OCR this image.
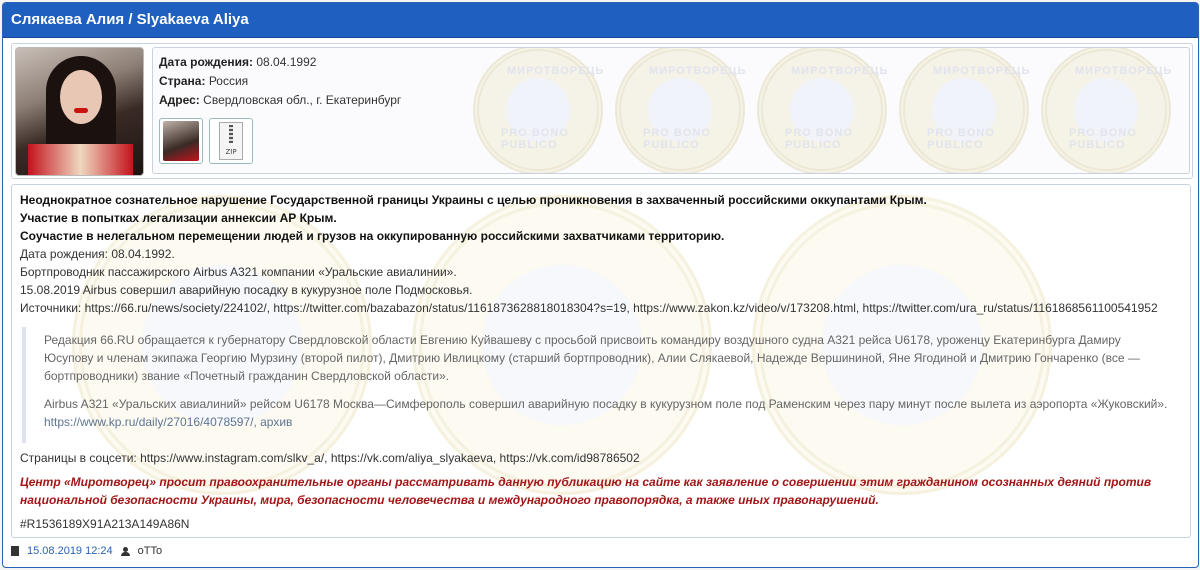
Слякаева Алия / Slyakaeva Aliya
МИРОТВОРЕЦЬ
PRO BONO PUBLICO
МИРОТВОРЕЦЬ
PRO BONO PUBLICO
МИРОТВОРЕЦЬ
PRO BONO PUBLICO
МИРОТВОРЕЦЬ
PRO BONO PUBLICO
МИРОТВОРЕЦЬ
PRO BONO PUBLICO
Дата рождения: 08.04.1992
Страна: Россия
Адрес: Свердловская обл., г. Екатеринбург
ZIP
Неоднократное сознательное нарушение Государственной границы Украины с целью проникновения в захваченный российскими оккупантами Крым.
Участие в попытках легализации аннексии АР Крым.
Соучастие в нелегальном перемещении людей и грузов на оккупированную российскими захватчиками территорию.
Дата рождения: 08.04.1992.
Бортпроводник пассажирского Airbus A321 компании «Уральские авиалинии».
15.08.2019 Airbus совершил аварийную посадку в кукурузное поле Подмосковья.
Источники: https://66.ru/news/society/224102/, https://twitter.com/bazabazon/status/1161873628818018304?s=19, https://www.zakon.kz/video/v/173208.html, https://twitter.com/ura_ru/status/1161868561100541952

Редакция 66.RU обращается к губернатору Свердловской области Евгению Куйвашеву с просьбой присвоить командиру воздушного судна А321 рейса U6178, уроженцу Екатеринбурга Дамиру Юсупову и членам экипажа Георгию Мурзину (второй пилот), Дмитрию Ивлицкому (старший бортпроводник), Алии Слякаевой, Надежде Вершининой, Яне Ягодиной и Дмитрию Гончаренко (все — бортпроводники) звание «Почетный гражданин Свердловской области».

Airbus A321 «Уральских авиалиний» рейсом U6178 Москва—Симферополь совершил аварийную посадку в кукурузном поле под Раменским через пару минут после вылета из аэропорта «Жуковский».
https://www.kp.ru/daily/27016/4078597/, архив

Страницы в соцсети: https://www.instagram.com/slkv_a/, https://vk.com/aliya_slyakaeva, https://vk.com/id98786502
Центр «Миротворец» просит правоохранительные органы рассматривать данную публикацию на сайте как заявление о совершении этим гражданином осознанных деяний против национальной безопасности Украины, мира, безопасности человечества и международного правопорядка, а также иных правонарушений.
#R1536189X91A213A149A86N
15.08.2019 12:24 oTTo
